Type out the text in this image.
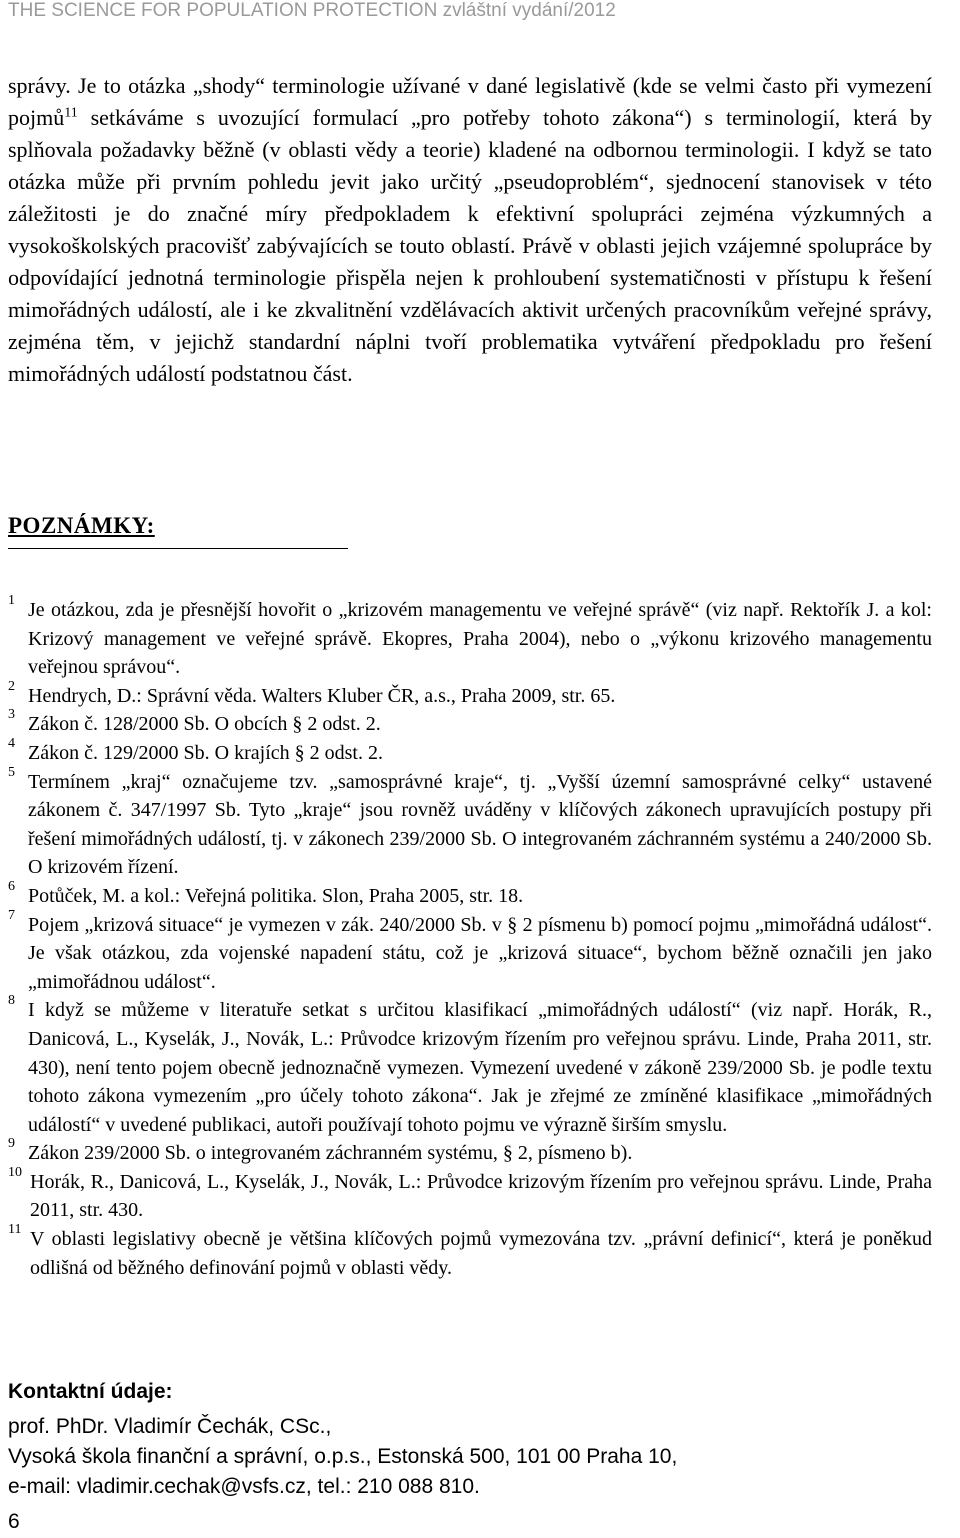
THE SCIENCE FOR POPULATION PROTECTION zvláštní vydání/2012
správy. Je to otázka „shody“ terminologie užívané v dané legislativě (kde se velmi často při vymezení pojmů$^{11}$ setkáváme s uvozující formulací „pro potřeby tohoto zákona“) s terminologií, která by splňovala požadavky běžně (v oblasti vědy a teorie) kladené na odbornou terminologii. I když se tato otázka může při prvním pohledu jevit jako určitý „pseudoproblém“, sjednocení stanovisek v této záležitosti je do značné míry předpokladem k efektivní spolupráci zejména výzkumných a vysokoškolských pracovišť zabývajících se touto oblastí. Právě v oblasti jejich vzájemné spolupráce by odpovídající jednotná terminologie přispěla nejen k prohloubení systematičnosti v přístupu k řešení mimořádných událostí, ale i ke zkvalitnění vzdělávacích aktivit určených pracovníkům veřejné správy, zejména těm, v jejichž standardní náplni tvoří problematika vytváření předpokladu pro řešení mimořádných událostí podstatnou část.
POZNÁMKY:
1 Je otázkou, zda je přesnější hovořit o „krizovém managementu ve veřejné správě“ (viz např. Rektořík J. a kol: Krizový management ve veřejné správě. Ekopres, Praha 2004), nebo o „výkonu krizového managementu veřejnou správou“.
2 Hendrych, D.: Správní věda. Walters Kluber ČR, a.s., Praha 2009, str. 65.
3 Zákon č. 128/2000 Sb. O obcích § 2 odst. 2.
4 Zákon č. 129/2000 Sb. O krajích § 2 odst. 2.
5 Termínem „kraj“ označujeme tzv. „samosprávné kraje“, tj. „Vyšší územní samosprávné celky“ ustavené zákonem č. 347/1997 Sb. Tyto „kraje“ jsou rovněž uváděny v klíčových zákonech upravujících postupy při řešení mimořádných událostí, tj. v zákonech 239/2000 Sb. O integrovaném záchranném systému a 240/2000 Sb. O krizovém řízení.
6 Potůček, M. a kol.: Veřejná politika. Slon, Praha 2005, str. 18.
7 Pojem „krizová situace“ je vymezen v zák. 240/2000 Sb. v § 2 písmenu b) pomocí pojmu „mimořádná událost“. Je však otázkou, zda vojenské napadení státu, což je „krizová situace“, bychom běžně označili jen jako „mimořádnou událost“.
8 I když se můžeme v literatuře setkat s určitou klasifikací „mimořádných událostí“ (viz např. Horák, R., Danicová, L., Kyselák, J., Novák, L.: Průvodce krizovým řízením pro veřejnou správu. Linde, Praha 2011, str. 430), není tento pojem obecně jednoznačně vymezen. Vymezení uvedené v zákoně 239/2000 Sb. je podle textu tohoto zákona vymezením „pro účely tohoto zákona“. Jak je zřejmé ze zmíněné klasifikace „mimořádných událostí“ v uvedené publikaci, autoři používají tohoto pojmu ve výrazně širším smyslu.
9 Zákon 239/2000 Sb. o integrovaném záchranném systému, § 2, písmeno b).
10 Horák, R., Danicová, L., Kyselák, J., Novák, L.: Průvodce krizovým řízením pro veřejnou správu. Linde, Praha 2011, str. 430.
11 V oblasti legislativy obecně je většina klíčových pojmů vymezována tzv. „právní definicí“, která je poněkud odlišná od běžného definování pojmů v oblasti vědy.
Kontaktní údaje:
prof. PhDr. Vladimír Čechák, CSc.,
Vysoká škola finanční a správní, o.p.s., Estonská 500, 101 00 Praha 10,
e-mail: vladimir.cechak@vsfs.cz, tel.: 210 088 810.
6
